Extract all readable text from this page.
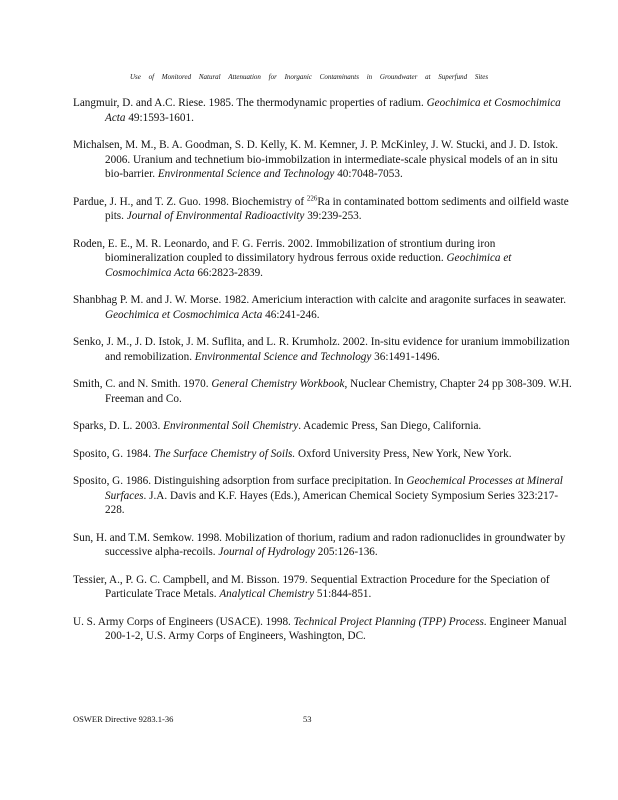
Use of Monitored Natural Attenuation for Inorganic Contaminants in Groundwater at Superfund Sites

Langmuir, D. and A.C. Riese. 1985. The thermodynamic properties of radium. Geochimica et Cosmochimica Acta 49:1593-1601.

Michalsen, M. M., B. A. Goodman, S. D. Kelly, K. M. Kemner, J. P. McKinley, J. W. Stucki, and J. D. Istok. 2006. Uranium and technetium bio-immobilzation in intermediate-scale physical models of an in situ bio-barrier. Environmental Science and Technology 40:7048-7053.

Pardue, J. H., and T. Z. Guo. 1998. Biochemistry of $^{226}$Ra in contaminated bottom sediments and oilfield waste pits. Journal of Environmental Radioactivity 39:239-253.

Roden, E. E., M. R. Leonardo, and F. G. Ferris. 2002. Immobilization of strontium during iron biomineralization coupled to dissimilatory hydrous ferrous oxide reduction. Geochimica et Cosmochimica Acta 66:2823-2839.

Shanbhag P. M. and J. W. Morse. 1982. Americium interaction with calcite and aragonite surfaces in seawater. Geochimica et Cosmochimica Acta 46:241-246.

Senko, J. M., J. D. Istok, J. M. Suflita, and L. R. Krumholz. 2002. In-situ evidence for uranium immobilization and remobilization. Environmental Science and Technology 36:1491-1496.

Smith, C. and N. Smith. 1970. General Chemistry Workbook, Nuclear Chemistry, Chapter 24 pp 308-309. W.H. Freeman and Co.

Sparks, D. L. 2003. Environmental Soil Chemistry. Academic Press, San Diego, California.

Sposito, G. 1984. The Surface Chemistry of Soils. Oxford University Press, New York, New York.

Sposito, G. 1986. Distinguishing adsorption from surface precipitation. In Geochemical Processes at Mineral Surfaces. J.A. Davis and K.F. Hayes (Eds.), American Chemical Society Symposium Series 323:217-228.

Sun, H. and T.M. Semkow. 1998. Mobilization of thorium, radium and radon radionuclides in groundwater by successive alpha-recoils. Journal of Hydrology 205:126-136.

Tessier, A., P. G. C. Campbell, and M. Bisson. 1979. Sequential Extraction Procedure for the Speciation of Particulate Trace Metals. Analytical Chemistry 51:844-851.

U. S. Army Corps of Engineers (USACE). 1998. Technical Project Planning (TPP) Process. Engineer Manual 200-1-2, U.S. Army Corps of Engineers, Washington, DC.

OSWER Directive 9283.1-36	53
